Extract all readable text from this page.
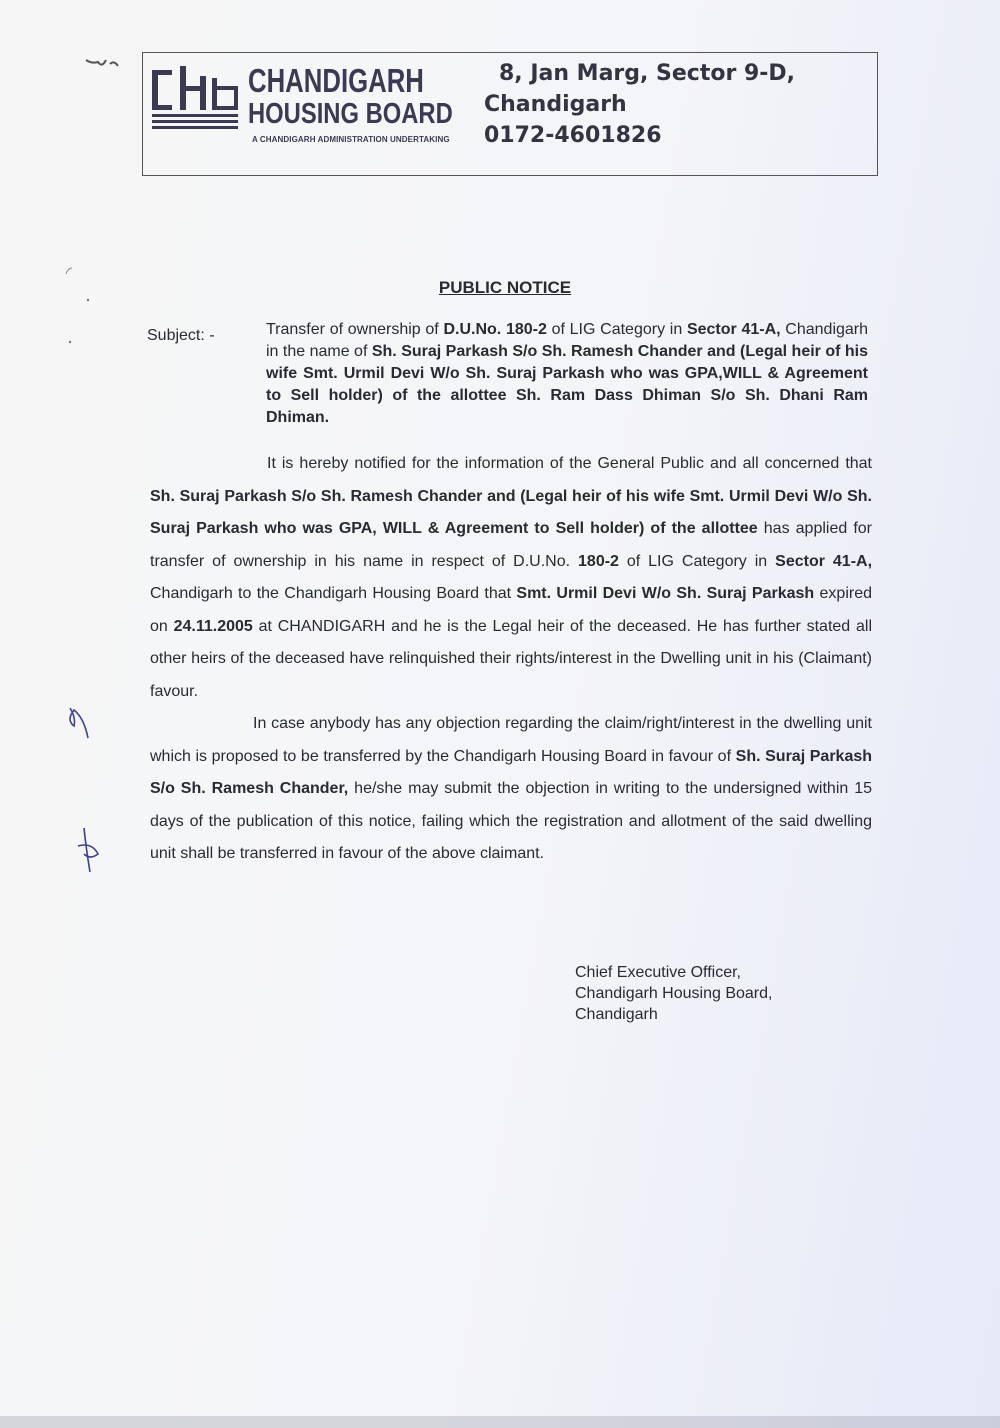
CHANDIGARH
HOUSING BOARD
A CHANDIGARH ADMINISTRATION UNDERTAKING
8, Jan Marg, Sector 9-D,
Chandigarh
0172-4601826
PUBLIC NOTICE
Subject: -	Transfer of ownership of D.U.No. 180-2 of LIG Category in Sector 41-A, Chandigarh in the name of Sh. Suraj Parkash S/o Sh. Ramesh Chander and (Legal heir of his wife Smt. Urmil Devi W/o Sh. Suraj Parkash who was GPA,WILL & Agreement to Sell holder) of the allottee Sh. Ram Dass Dhiman S/o Sh. Dhani Ram Dhiman.

It is hereby notified for the information of the General Public and all concerned that Sh. Suraj Parkash S/o Sh. Ramesh Chander and (Legal heir of his wife Smt. Urmil Devi W/o Sh. Suraj Parkash who was GPA, WILL & Agreement to Sell holder) of the allottee has applied for transfer of ownership in his name in respect of D.U.No. 180-2 of LIG Category in Sector 41-A, Chandigarh to the Chandigarh Housing Board that Smt. Urmil Devi W/o Sh. Suraj Parkash expired on 24.11.2005 at CHANDIGARH and he is the Legal heir of the deceased. He has further stated all other heirs of the deceased have relinquished their rights/interest in the Dwelling unit in his (Claimant) favour.

In case anybody has any objection regarding the claim/right/interest in the dwelling unit which is proposed to be transferred by the Chandigarh Housing Board in favour of Sh. Suraj Parkash S/o Sh. Ramesh Chander, he/she may submit the objection in writing to the undersigned within 15 days of the publication of this notice, failing which the registration and allotment of the said dwelling unit shall be transferred in favour of the above claimant.

Chief Executive Officer,
Chandigarh Housing Board,
Chandigarh
